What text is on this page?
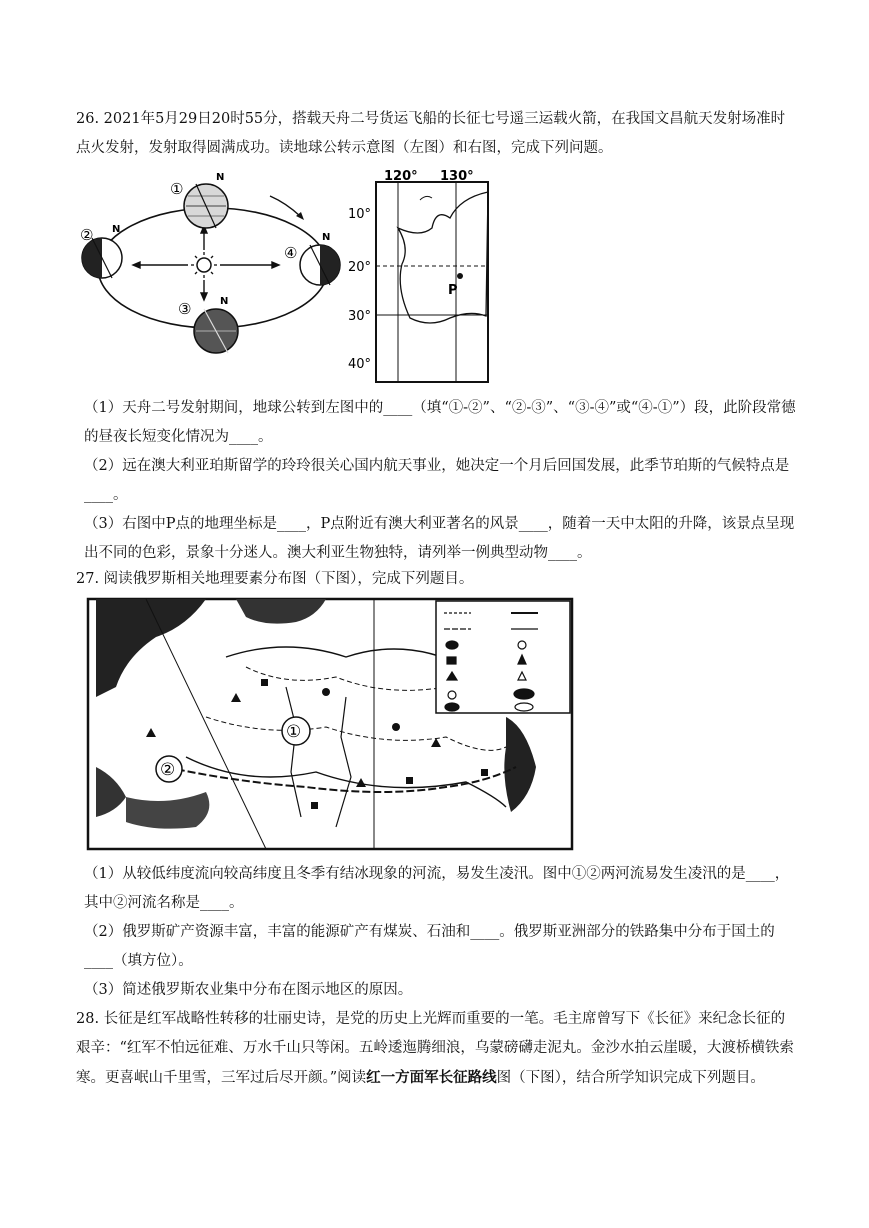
26. 2021年5月29日20时55分，搭载天舟二号货运飞船的长征七号遥三运载火箭，在我国文昌航天发射场准时点火发射，发射取得圆满成功。读地球公转示意图（左图）和右图，完成下列问题。

①
N
② N
③	N
④
N
120° 130°
10°
20°
30°
40°
P

（1）天舟二号发射期间，地球公转到左图中的____（填“①-②”、“②-③”、“③-④”或“④-①”）段，此阶段常德的昼夜长短变化情况为____。

（2）远在澳大利亚珀斯留学的玲玲很关心国内航天事业，她决定一个月后回国发展，此季节珀斯的气候特点是____。

（3）右图中P点的地理坐标是____，P点附近有澳大利亚著名的风景____，随着一天中太阳的升降，该景点呈现出不同的色彩，景象十分迷人。澳大利亚生物独特，请列举一例典型动物____。

27. 阅读俄罗斯相关地理要素分布图（下图），完成下列题目。

①
②

（1）从较低纬度流向较高纬度且冬季有结冰现象的河流，易发生凌汛。图中①②两河流易发生凌汛的是____，其中②河流名称是____。

（2）俄罗斯矿产资源丰富，丰富的能源矿产有煤炭、石油和____。俄罗斯亚洲部分的铁路集中分布于国土的____（填方位）。

（3）简述俄罗斯农业集中分布在图示地区的原因。

28. 长征是红军战略性转移的壮丽史诗，是党的历史上光辉而重要的一笔。毛主席曾写下《长征》来纪念长征的艰辛：“红军不怕远征难、万水千山只等闲。五岭逶迤腾细浪，乌蒙磅礴走泥丸。金沙水拍云崖暖，大渡桥横铁索寒。更喜岷山千里雪，三军过后尽开颜。”阅读红一方面军长征路线图（下图），结合所学知识完成下列题目。
